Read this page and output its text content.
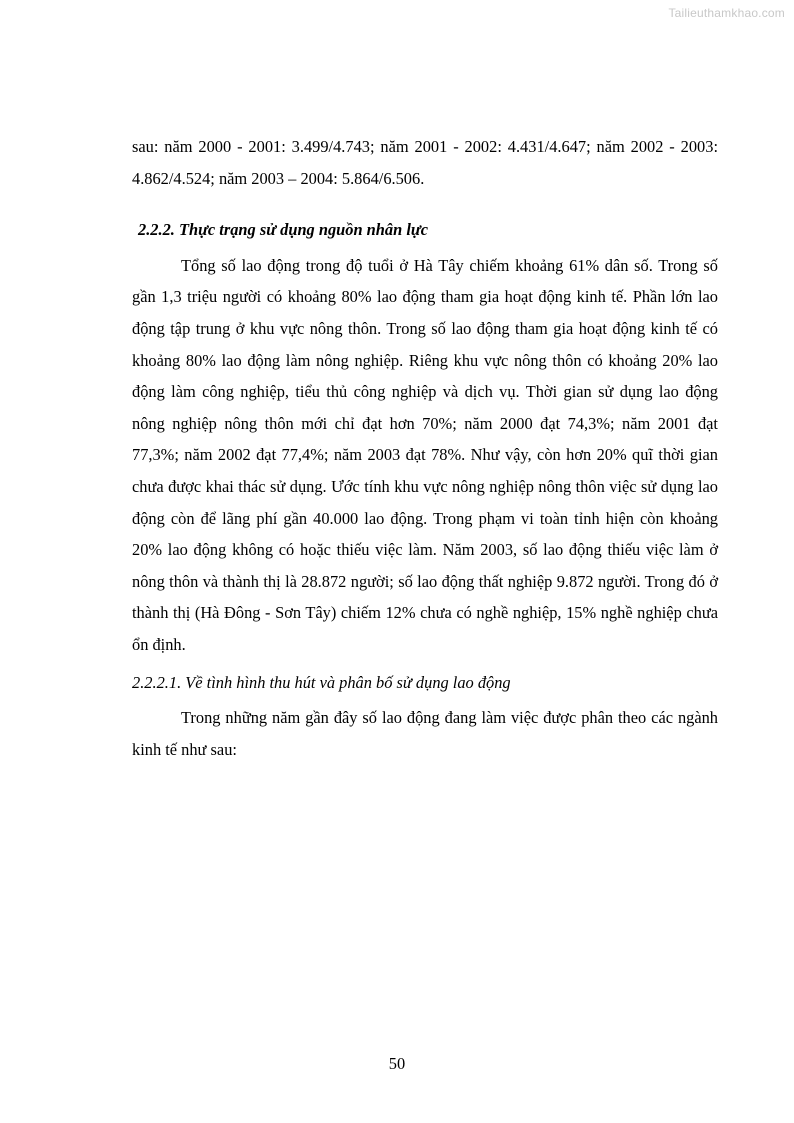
Tailieuthamkhao.com

sau: năm 2000 - 2001: 3.499/4.743; năm 2001 - 2002: 4.431/4.647; năm 2002 - 2003: 4.862/4.524; năm 2003 – 2004: 5.864/6.506.

2.2.2. Thực trạng sử dụng nguồn nhân lực

Tổng số lao động trong độ tuổi ở Hà Tây chiếm khoảng 61% dân số. Trong số gần 1,3 triệu người có khoảng 80% lao động tham gia hoạt động kinh tế. Phần lớn lao động tập trung ở khu vực nông thôn. Trong số lao động tham gia hoạt động kinh tế có khoảng 80% lao động làm nông nghiệp. Riêng khu vực nông thôn có khoảng 20% lao động làm công nghiệp, tiểu thủ công nghiệp và dịch vụ. Thời gian sử dụng lao động nông nghiệp nông thôn mới chỉ đạt hơn 70%; năm 2000 đạt 74,3%; năm 2001 đạt 77,3%; năm 2002 đạt 77,4%; năm 2003 đạt 78%. Như vậy, còn hơn 20% quĩ thời gian chưa được khai thác sử dụng. Ước tính khu vực nông nghiệp nông thôn việc sử dụng lao động còn để lãng phí gần 40.000 lao động. Trong phạm vi toàn tỉnh hiện còn khoảng 20% lao động không có hoặc thiếu việc làm. Năm 2003, số lao động thiếu việc làm ở nông thôn và thành thị là 28.872 người; số lao động thất nghiệp 9.872 người. Trong đó ở thành thị (Hà Đông - Sơn Tây) chiếm 12% chưa có nghề nghiệp, 15% nghề nghiệp chưa ổn định.

2.2.2.1. Về tình hình thu hút và phân bố sử dụng lao động

Trong những năm gần đây số lao động đang làm việc được phân theo các ngành kinh tế như sau:

50
